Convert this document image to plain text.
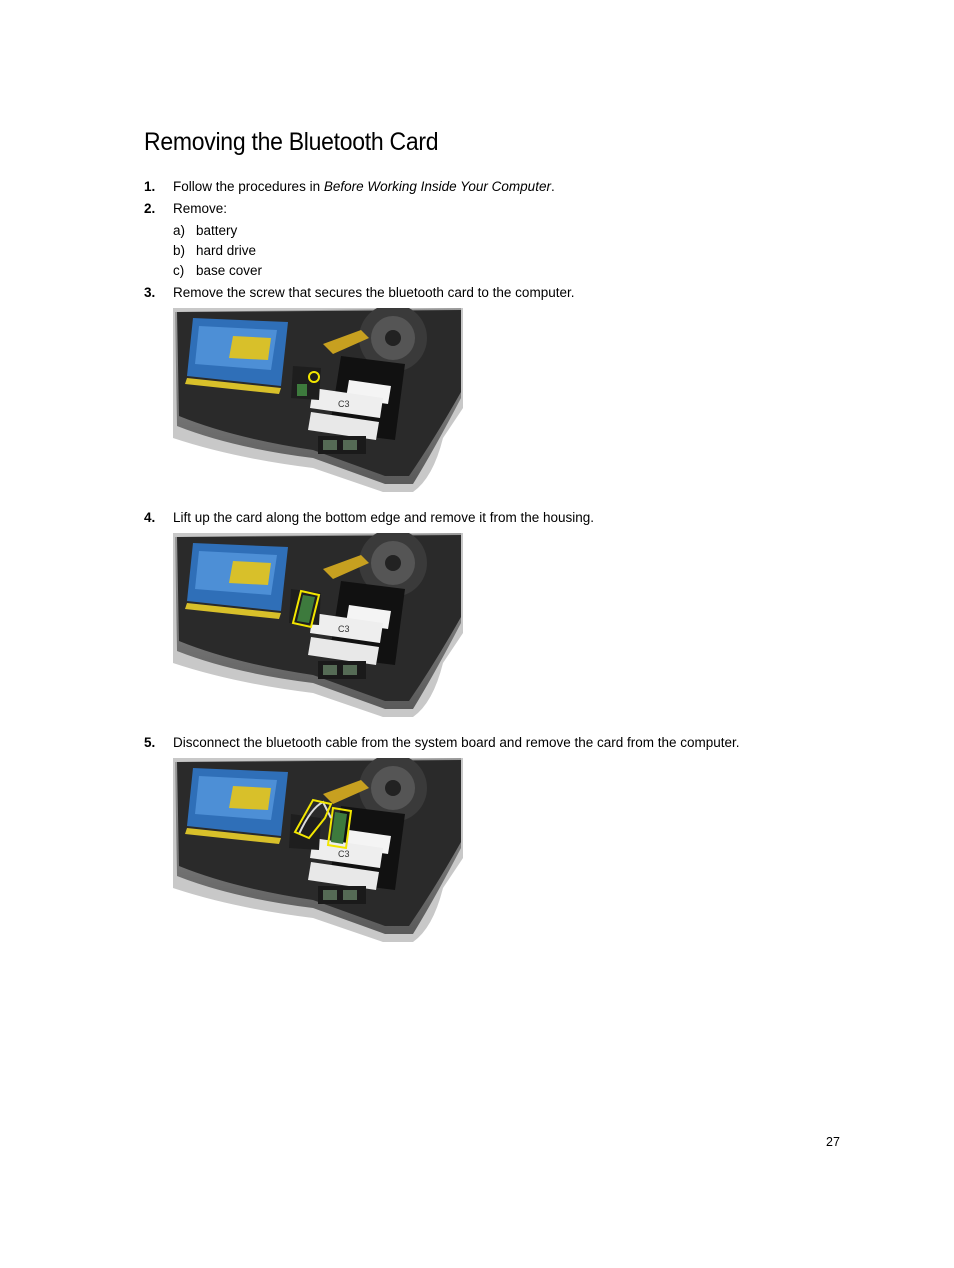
Removing the Bluetooth Card
1. Follow the procedures in Before Working Inside Your Computer.
2. Remove:
a) battery
b) hard drive
c) base cover
3. Remove the screw that secures the bluetooth card to the computer.
C3
4. Lift up the card along the bottom edge and remove it from the housing.
C3
5. Disconnect the bluetooth cable from the system board and remove the card from the computer.
C3
27
